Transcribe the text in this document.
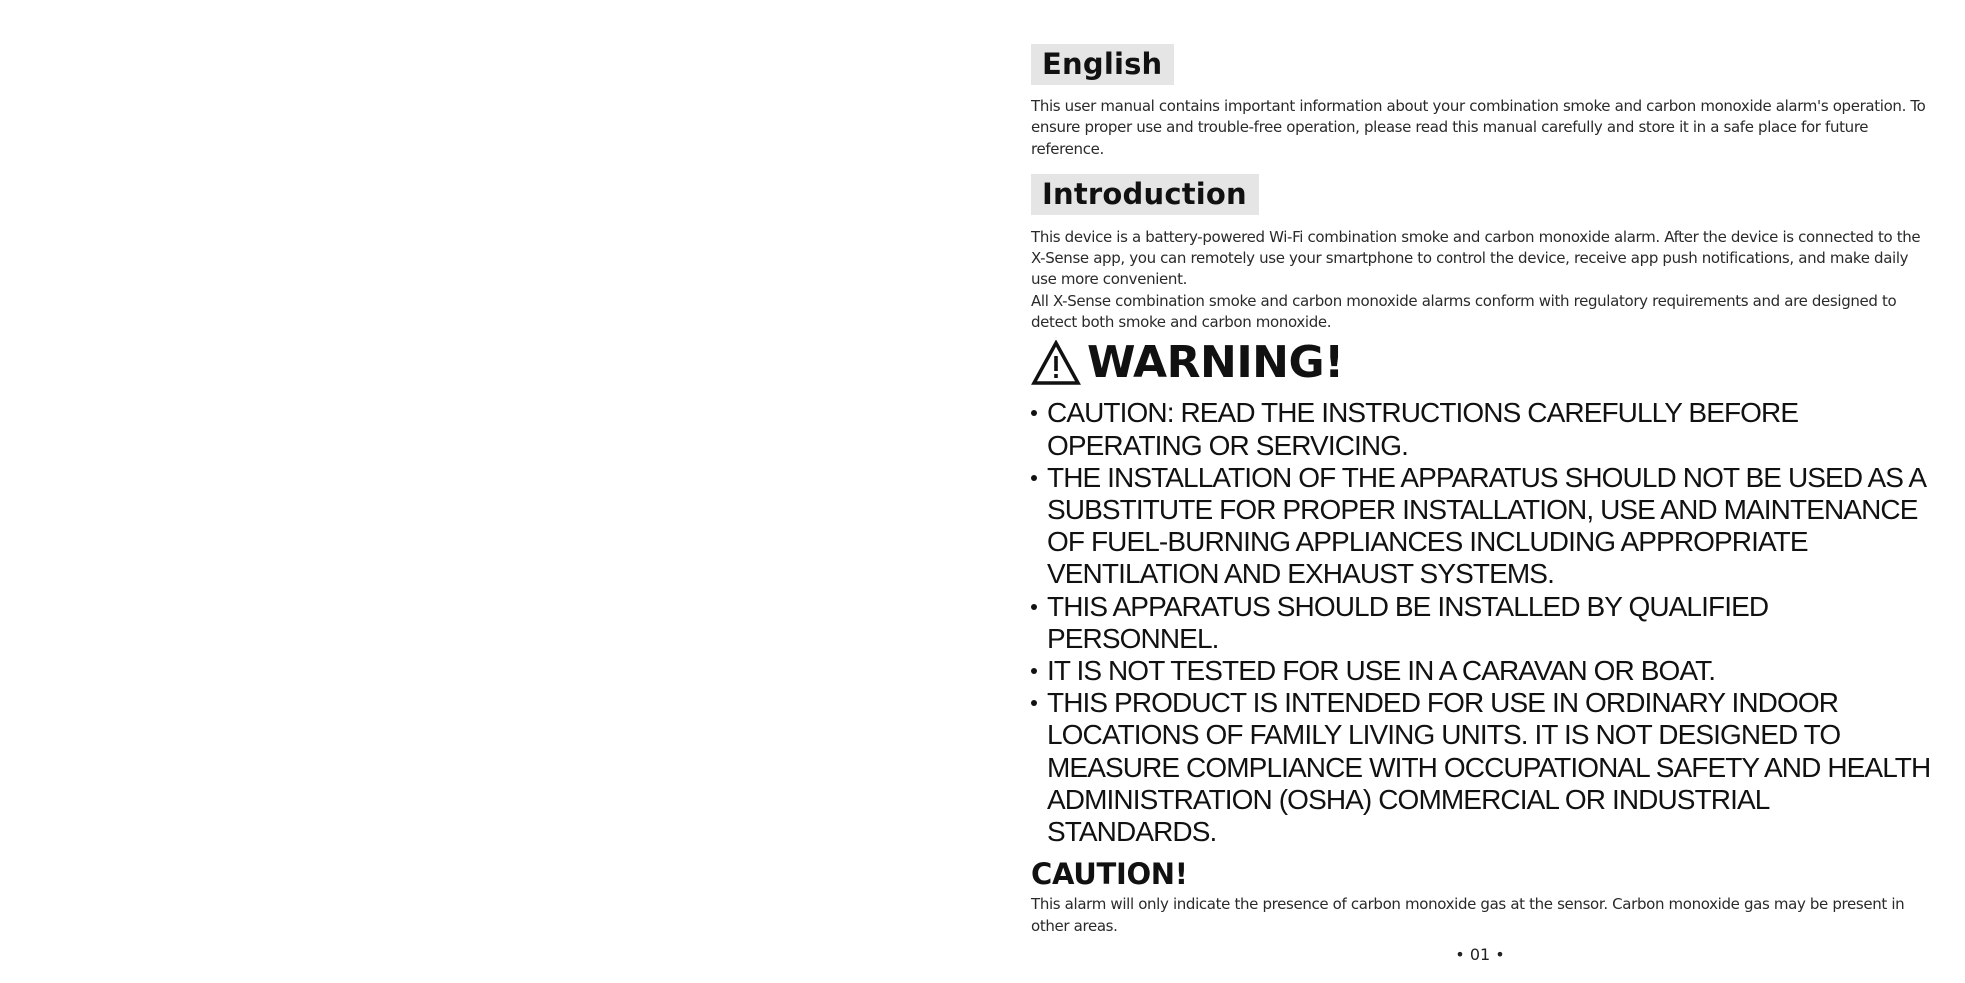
English

This user manual contains important information about your combination smoke and carbon monoxide alarm's operation. To ensure proper use and trouble-free operation, please read this manual carefully and store it in a safe place for future reference.

Introduction

This device is a battery-powered Wi-Fi combination smoke and carbon monoxide alarm. After the device is connected to the X-Sense app, you can remotely use your smartphone to control the device, receive app push notifications, and make daily use more convenient.

All X-Sense combination smoke and carbon monoxide alarms conform with regulatory requirements and are designed to detect both smoke and carbon monoxide.

WARNING!
CAUTION: READ THE INSTRUCTIONS CAREFULLY BEFORE OPERATING OR SERVICING.
THE INSTALLATION OF THE APPARATUS SHOULD NOT BE USED AS A SUBSTITUTE FOR PROPER INSTALLATION, USE AND MAINTENANCE OF FUEL-BURNING APPLIANCES INCLUDING APPROPRIATE VENTILATION AND EXHAUST SYSTEMS.
THIS APPARATUS SHOULD BE INSTALLED BY QUALIFIED PERSONNEL.
IT IS NOT TESTED FOR USE IN A CARAVAN OR BOAT.
THIS PRODUCT IS INTENDED FOR USE IN ORDINARY INDOOR LOCATIONS OF FAMILY LIVING UNITS. IT IS NOT DESIGNED TO MEASURE COMPLIANCE WITH OCCUPATIONAL SAFETY AND HEALTH ADMINISTRATION (OSHA) COMMERCIAL OR INDUSTRIAL STANDARDS.
CAUTION!

This alarm will only indicate the presence of carbon monoxide gas at the sensor. Carbon monoxide gas may be present in other areas.

• 01 •
